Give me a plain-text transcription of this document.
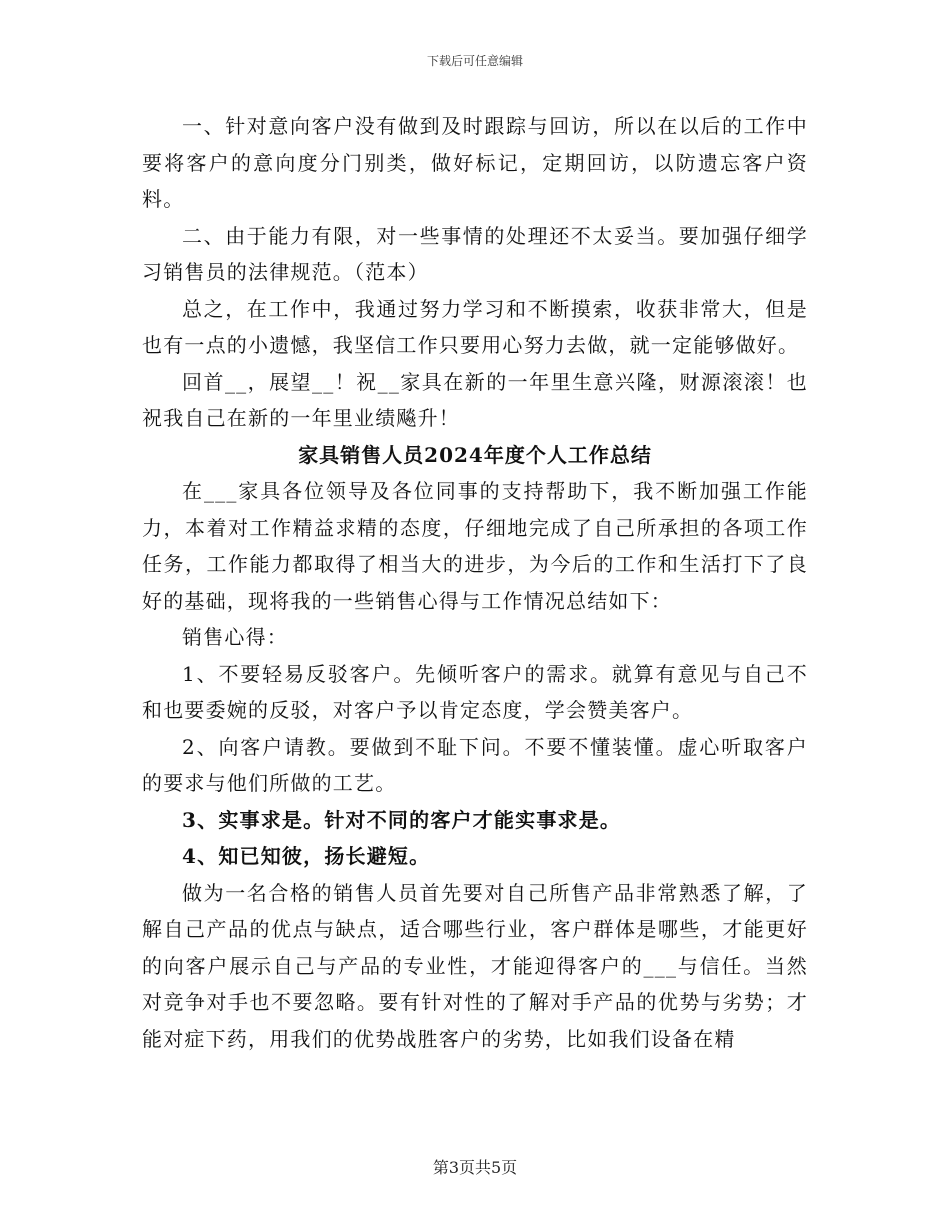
下载后可任意编辑

一、针对意向客户没有做到及时跟踪与回访，所以在以后的工作中要将客户的意向度分门别类，做好标记，定期回访，以防遗忘客户资料。

二、由于能力有限，对一些事情的处理还不太妥当。要加强仔细学习销售员的法律规范。（范本）

总之，在工作中，我通过努力学习和不断摸索，收获非常大，但是也有一点的小遗憾，我坚信工作只要用心努力去做，就一定能够做好。

回首__，展望__！祝__家具在新的一年里生意兴隆，财源滚滚！也祝我自己在新的一年里业绩飚升！

家具销售人员2024年度个人工作总结

在___家具各位领导及各位同事的支持帮助下，我不断加强工作能力，本着对工作精益求精的态度，仔细地完成了自己所承担的各项工作任务，工作能力都取得了相当大的进步，为今后的工作和生活打下了良好的基础，现将我的一些销售心得与工作情况总结如下：

销售心得：

1、不要轻易反驳客户。先倾听客户的需求。就算有意见与自己不和也要委婉的反驳，对客户予以肯定态度，学会赞美客户。

2、向客户请教。要做到不耻下问。不要不懂装懂。虚心听取客户的要求与他们所做的工艺。

3、实事求是。针对不同的客户才能实事求是。

4、知已知彼，扬长避短。

做为一名合格的销售人员首先要对自己所售产品非常熟悉了解，了解自己产品的优点与缺点，适合哪些行业，客户群体是哪些，才能更好的向客户展示自己与产品的专业性，才能迎得客户的___与信任。当然对竞争对手也不要忽略。要有针对性的了解对手产品的优势与劣势；才能对症下药，用我们的优势战胜客户的劣势，比如我们设备在精

第3页共5页
